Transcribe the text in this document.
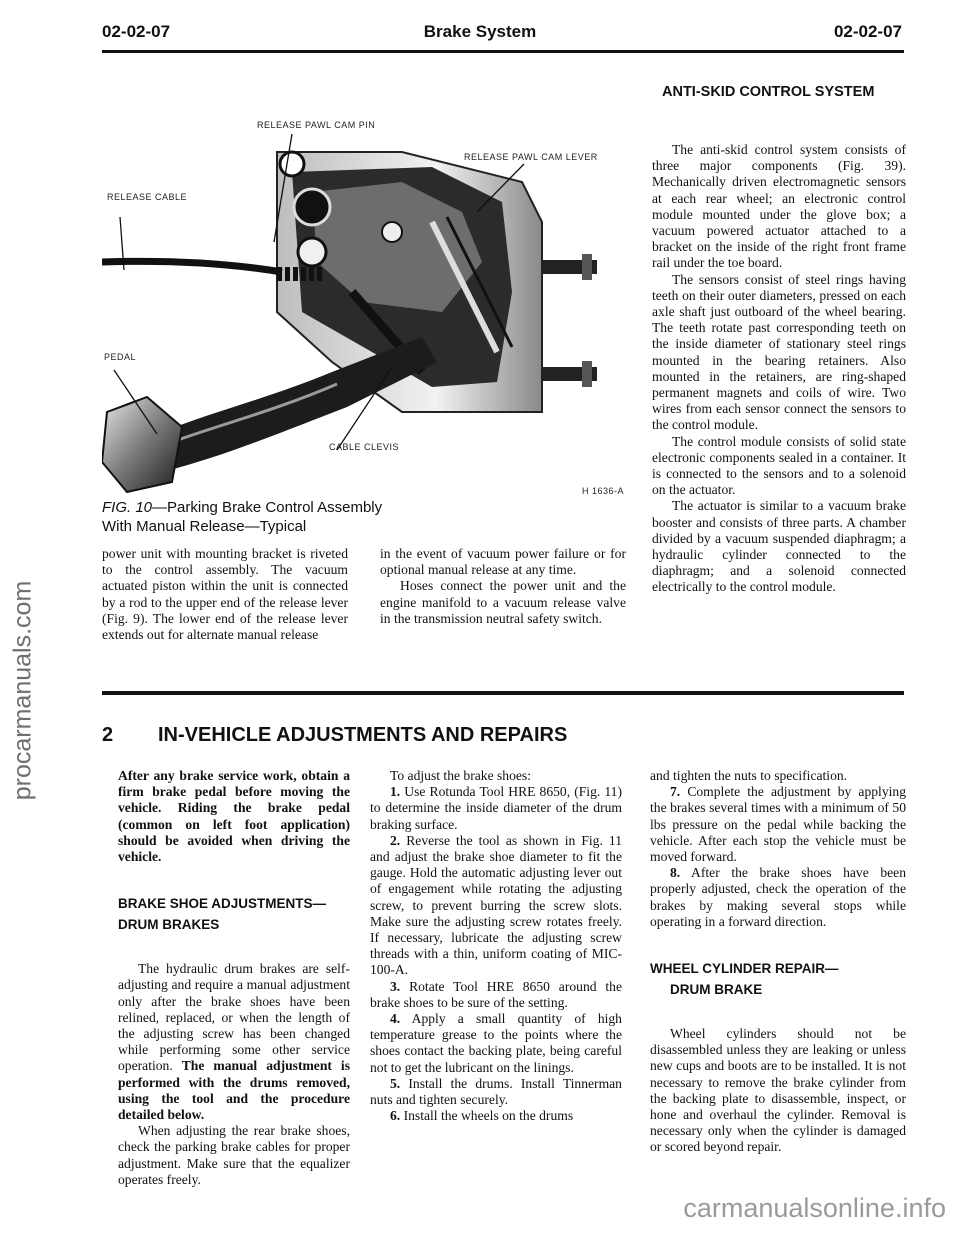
02-02-07	Brake System	02-02-07
procarmanuals.com
RELEASE PAWL CAM PIN
RELEASE PAWL CAM LEVER
RELEASE CABLE
PEDAL
CABLE CLEVIS
H 1636-A
FIG. 10—Parking Brake Control Assembly
With Manual Release—Typical

power unit with mounting bracket is riveted to the control assembly. The vacuum actuated piston within the unit is connected by a rod to the upper end of the release lever (Fig. 9). The lower end of the release lever extends out for alternate manual release

in the event of vacuum power failure or for optional manual release at any time.

Hoses connect the power unit and the engine manifold to a vacuum release valve in the transmission neutral safety switch.

ANTI-SKID CONTROL SYSTEM

The anti-skid control system consists of three major components (Fig. 39). Mechanically driven electromagnetic sensors at each rear wheel; an electronic control module mounted under the glove box; a vacuum powered actuator attached to a bracket on the inside of the right front frame rail under the toe board.

The sensors consist of steel rings having teeth on their outer diameters, pressed on each axle shaft just outboard of the wheel bearing. The teeth rotate past corresponding teeth on the inside diameter of stationary steel rings mounted in the bearing retainers. Also mounted in the retainers, are ring-shaped permanent magnets and coils of wire. Two wires from each sensor connect the sensors to the control module.

The control module consists of solid state electronic components sealed in a container. It is connected to the sensors and to a solenoid on the actuator.

The actuator is similar to a vacuum brake booster and consists of three parts. A chamber divided by a vacuum suspended diaphragm; a hydraulic cylinder connected to the diaphragm; and a solenoid connected electrically to the control module.

2 IN-VEHICLE ADJUSTMENTS AND REPAIRS

After any brake service work, obtain a firm brake pedal before moving the vehicle. Riding the brake pedal (common on left foot application) should be avoided when driving the vehicle.

BRAKE SHOE ADJUSTMENTS—
DRUM BRAKES

The hydraulic drum brakes are self-adjusting and require a manual adjustment only after the brake shoes have been relined, replaced, or when the length of the adjusting screw has been changed while performing some other service operation. The manual adjustment is performed with the drums removed, using the tool and the procedure detailed below.

When adjusting the rear brake shoes, check the parking brake cables for proper adjustment. Make sure that the equalizer operates freely.

To adjust the brake shoes:

1. Use Rotunda Tool HRE 8650, (Fig. 11) to determine the inside diameter of the drum braking surface.

2. Reverse the tool as shown in Fig. 11 and adjust the brake shoe diameter to fit the gauge. Hold the automatic adjusting lever out of engagement while rotating the adjusting screw, to prevent burring the screw slots. Make sure the adjusting screw rotates freely. If necessary, lubricate the adjusting screw threads with a thin, uniform coating of MIC-100-A.

3. Rotate Tool HRE 8650 around the brake shoes to be sure of the setting.

4. Apply a small quantity of high temperature grease to the points where the shoes contact the backing plate, being careful not to get the lubricant on the linings.

5. Install the drums. Install Tinnerman nuts and tighten securely.

6. Install the wheels on the drums

and tighten the nuts to specification.

7. Complete the adjustment by applying the brakes several times with a minimum of 50 lbs pressure on the pedal while backing the vehicle. After each stop the vehicle must be moved forward.

8. After the brake shoes have been properly adjusted, check the operation of the brakes by making several stops while operating in a forward direction.

WHEEL CYLINDER REPAIR—
DRUM BRAKE

Wheel cylinders should not be disassembled unless they are leaking or unless new cups and boots are to be installed. It is not necessary to remove the brake cylinder from the backing plate to disassemble, inspect, or hone and overhaul the cylinder. Removal is necessary only when the cylinder is damaged or scored beyond repair.

carmanualsonline.info
